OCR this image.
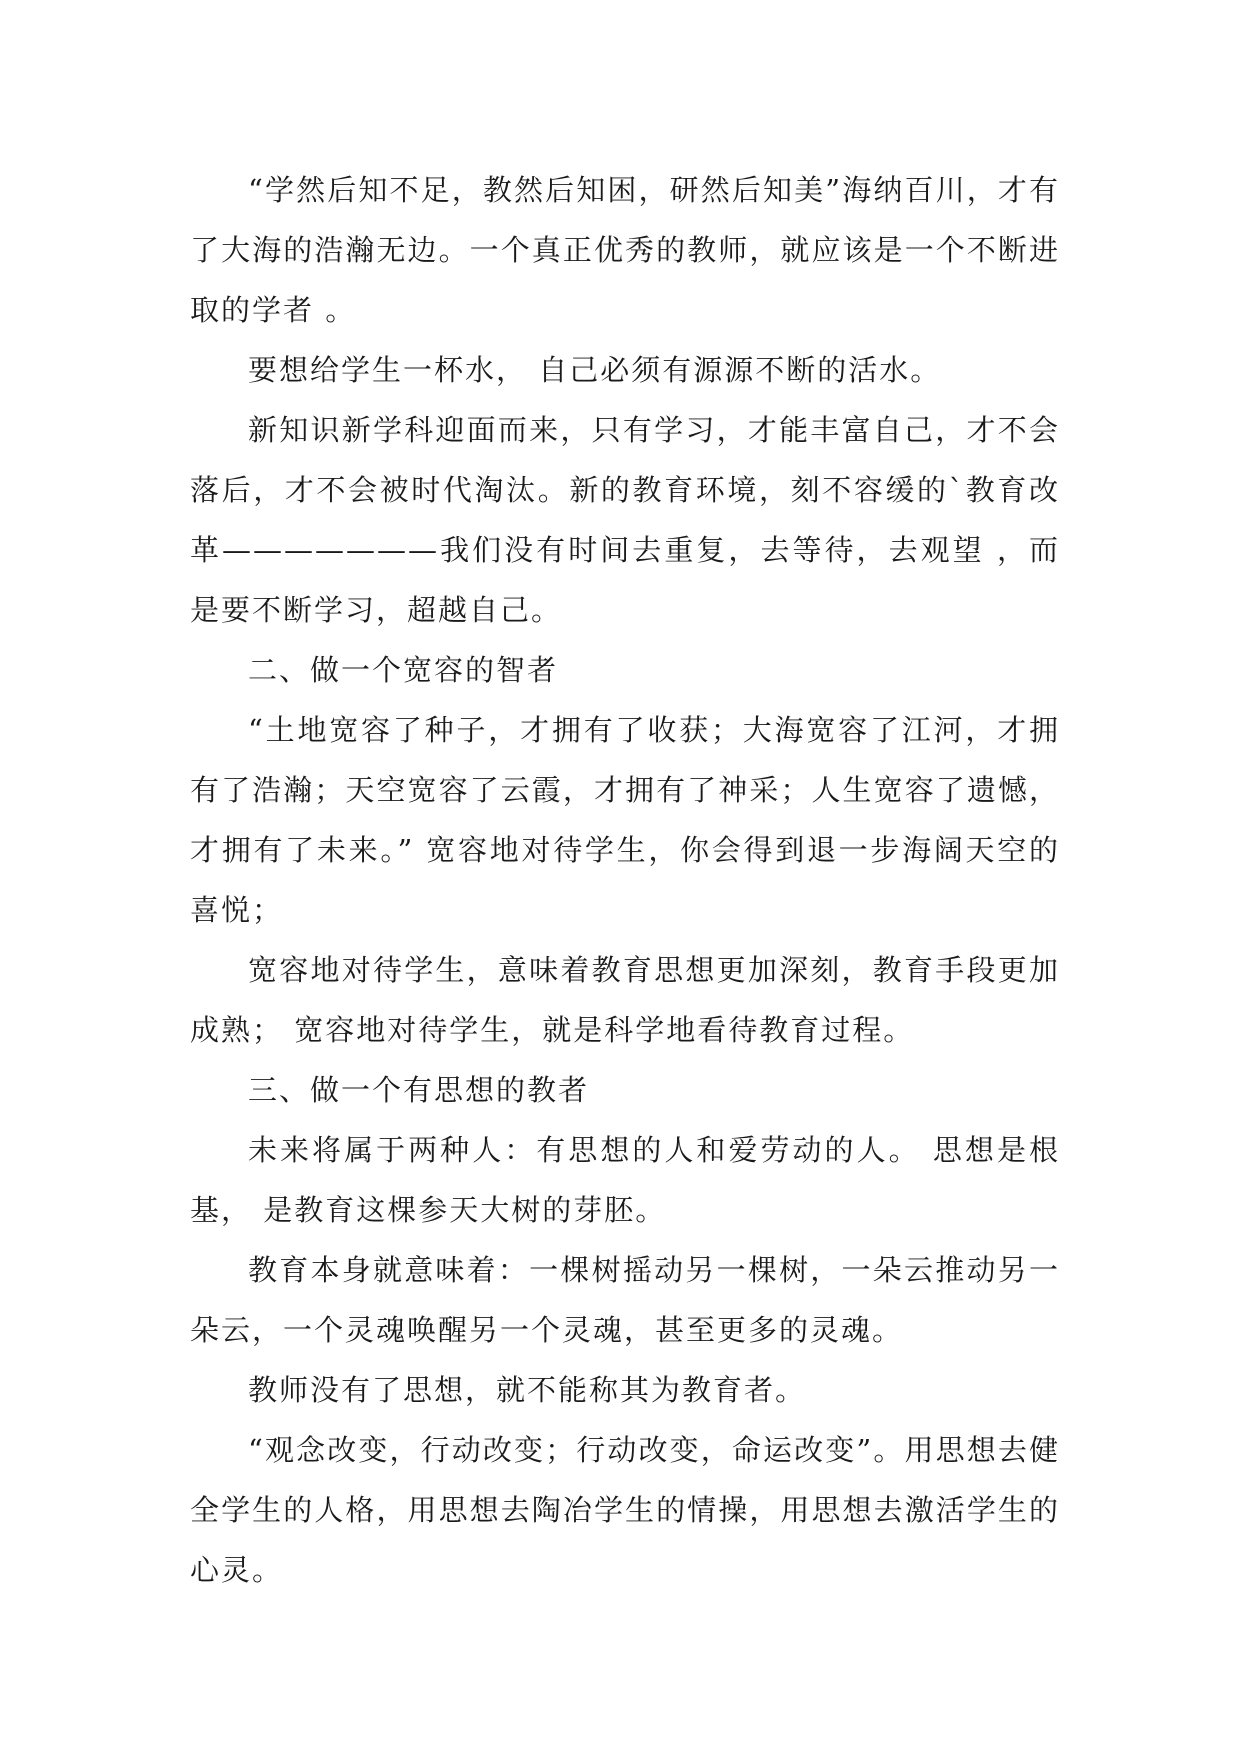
“学然后知不足，教然后知困，研然后知美”海纳百川，才有了大海的浩瀚无边。一个真正优秀的教师，就应该是一个不断进取的学者 。

要想给学生一杯水， 自己必须有源源不断的活水。

新知识新学科迎面而来，只有学习，才能丰富自己，才不会落后，才不会被时代淘汰。新的教育环境，刻不容缓的`教育改革———————我们没有时间去重复，去等待，去观望 ，而是要不断学习，超越自己。

二、做一个宽容的智者

“土地宽容了种子，才拥有了收获；大海宽容了江河，才拥有了浩瀚；天空宽容了云霞，才拥有了神采；人生宽容了遗憾，才拥有了未来。” 宽容地对待学生，你会得到退一步海阔天空的喜悦；

宽容地对待学生，意味着教育思想更加深刻，教育手段更加成熟； 宽容地对待学生，就是科学地看待教育过程。

三、做一个有思想的教者

未来将属于两种人：有思想的人和爱劳动的人。 思想是根基， 是教育这棵参天大树的芽胚。

教育本身就意味着：一棵树摇动另一棵树，一朵云推动另一朵云，一个灵魂唤醒另一个灵魂，甚至更多的灵魂。

教师没有了思想，就不能称其为教育者。

“观念改变，行动改变；行动改变，命运改变”。用思想去健全学生的人格，用思想去陶冶学生的情操，用思想去激活学生的心灵。
